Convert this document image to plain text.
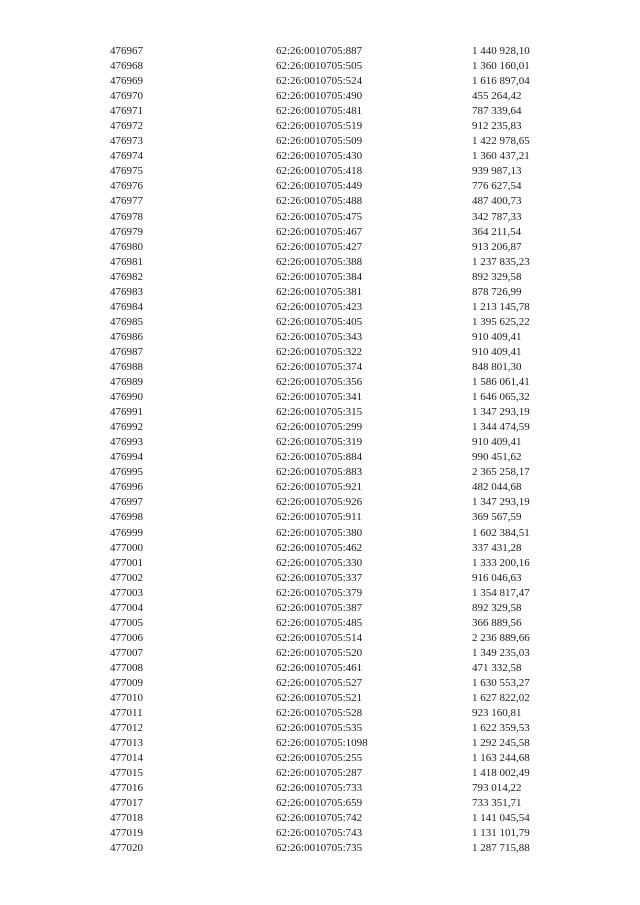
476967	62:26:0010705:887	1 440 928,10
476968	62:26:0010705:505	1 360 160,01
476969	62:26:0010705:524	1 616 897,04
476970	62:26:0010705:490	455 264,42
476971	62:26:0010705:481	787 339,64
476972	62:26:0010705:519	912 235,83
476973	62:26:0010705:509	1 422 978,65
476974	62:26:0010705:430	1 360 437,21
476975	62:26:0010705:418	939 987,13
476976	62:26:0010705:449	776 627,54
476977	62:26:0010705:488	487 400,73
476978	62:26:0010705:475	342 787,33
476979	62:26:0010705:467	364 211,54
476980	62:26:0010705:427	913 206,87
476981	62:26:0010705:388	1 237 835,23
476982	62:26:0010705:384	892 329,58
476983	62:26:0010705:381	878 726,99
476984	62:26:0010705:423	1 213 145,78
476985	62:26:0010705:405	1 395 625,22
476986	62:26:0010705:343	910 409,41
476987	62:26:0010705:322	910 409,41
476988	62:26:0010705:374	848 801,30
476989	62:26:0010705:356	1 586 061,41
476990	62:26:0010705:341	1 646 065,32
476991	62:26:0010705:315	1 347 293,19
476992	62:26:0010705:299	1 344 474,59
476993	62:26:0010705:319	910 409,41
476994	62:26:0010705:884	990 451,62
476995	62:26:0010705:883	2 365 258,17
476996	62:26:0010705:921	482 044,68
476997	62:26:0010705:926	1 347 293,19
476998	62:26:0010705:911	369 567,59
476999	62:26:0010705:380	1 602 384,51
477000	62:26:0010705:462	337 431,28
477001	62:26:0010705:330	1 333 200,16
477002	62:26:0010705:337	916 046,63
477003	62:26:0010705:379	1 354 817,47
477004	62:26:0010705:387	892 329,58
477005	62:26:0010705:485	366 889,56
477006	62:26:0010705:514	2 236 889,66
477007	62:26:0010705:520	1 349 235,03
477008	62:26:0010705:461	471 332,58
477009	62:26:0010705:527	1 630 553,27
477010	62:26:0010705:521	1 627 822,02
477011	62:26:0010705:528	923 160,81
477012	62:26:0010705:535	1 622 359,53
477013	62:26:0010705:1098	1 292 245,58
477014	62:26:0010705:255	1 163 244,68
477015	62:26:0010705:287	1 418 002,49
477016	62:26:0010705:733	793 014,22
477017	62:26:0010705:659	733 351,71
477018	62:26:0010705:742	1 141 045,54
477019	62:26:0010705:743	1 131 101,79
477020	62:26:0010705:735	1 287 715,88
